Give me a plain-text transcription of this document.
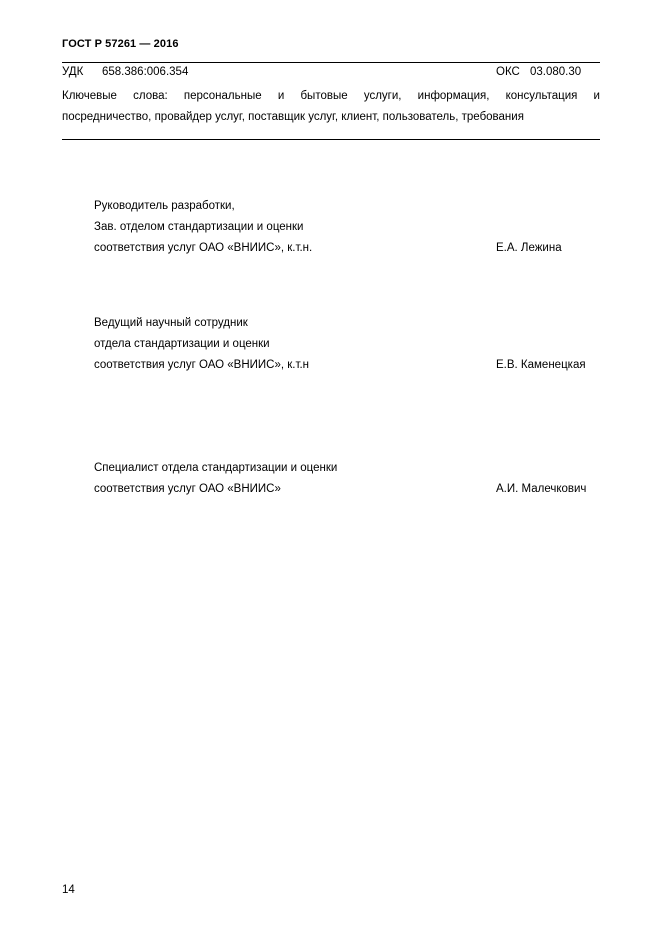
ГОСТ Р 57261 — 2016
УДК 658.386:006.354	ОКС 03.080.30
Ключевые слова: персональные и бытовые услуги, информация, консультация и
посредничество, провайдер услуг, поставщик услуг, клиент, пользователь, требования
Руководитель разработки,
Зав. отделом стандартизации и оценки
соответствия услуг ОАО «ВНИИС», к.т.н.	Е.А. Лежина
Ведущий научный сотрудник
отдела стандартизации и оценки
соответствия услуг ОАО «ВНИИС», к.т.н	Е.В. Каменецкая
Специалист отдела стандартизации и оценки
соответствия услуг ОАО «ВНИИС»	А.И. Малечкович
14
